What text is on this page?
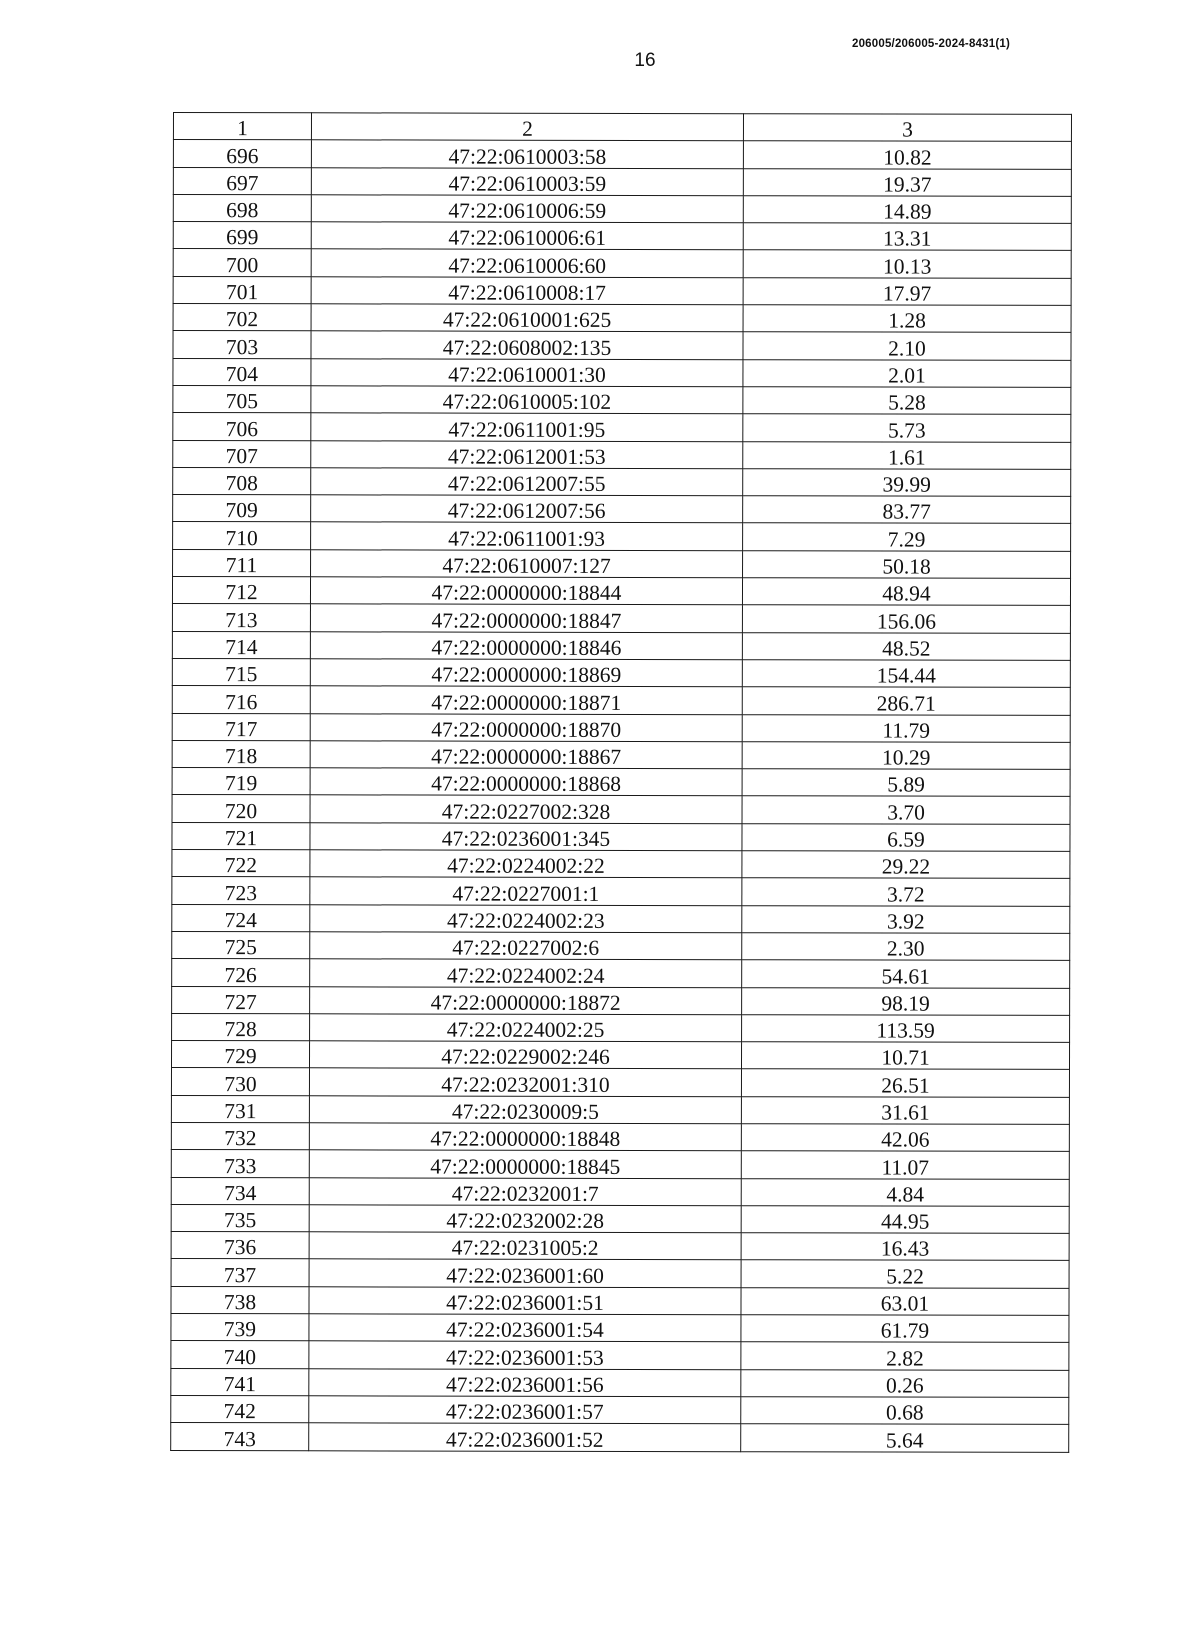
16
206005/206005-2024-8431(1)
1	2	3
696	47:22:0610003:58	10.82
697	47:22:0610003:59	19.37
698	47:22:0610006:59	14.89
699	47:22:0610006:61	13.31
700	47:22:0610006:60	10.13
701	47:22:0610008:17	17.97
702	47:22:0610001:625	1.28
703	47:22:0608002:135	2.10
704	47:22:0610001:30	2.01
705	47:22:0610005:102	5.28
706	47:22:0611001:95	5.73
707	47:22:0612001:53	1.61
708	47:22:0612007:55	39.99
709	47:22:0612007:56	83.77
710	47:22:0611001:93	7.29
711	47:22:0610007:127	50.18
712	47:22:0000000:18844	48.94
713	47:22:0000000:18847	156.06
714	47:22:0000000:18846	48.52
715	47:22:0000000:18869	154.44
716	47:22:0000000:18871	286.71
717	47:22:0000000:18870	11.79
718	47:22:0000000:18867	10.29
719	47:22:0000000:18868	5.89
720	47:22:0227002:328	3.70
721	47:22:0236001:345	6.59
722	47:22:0224002:22	29.22
723	47:22:0227001:1	3.72
724	47:22:0224002:23	3.92
725	47:22:0227002:6	2.30
726	47:22:0224002:24	54.61
727	47:22:0000000:18872	98.19
728	47:22:0224002:25	113.59
729	47:22:0229002:246	10.71
730	47:22:0232001:310	26.51
731	47:22:0230009:5	31.61
732	47:22:0000000:18848	42.06
733	47:22:0000000:18845	11.07
734	47:22:0232001:7	4.84
735	47:22:0232002:28	44.95
736	47:22:0231005:2	16.43
737	47:22:0236001:60	5.22
738	47:22:0236001:51	63.01
739	47:22:0236001:54	61.79
740	47:22:0236001:53	2.82
741	47:22:0236001:56	0.26
742	47:22:0236001:57	0.68
743	47:22:0236001:52	5.64
